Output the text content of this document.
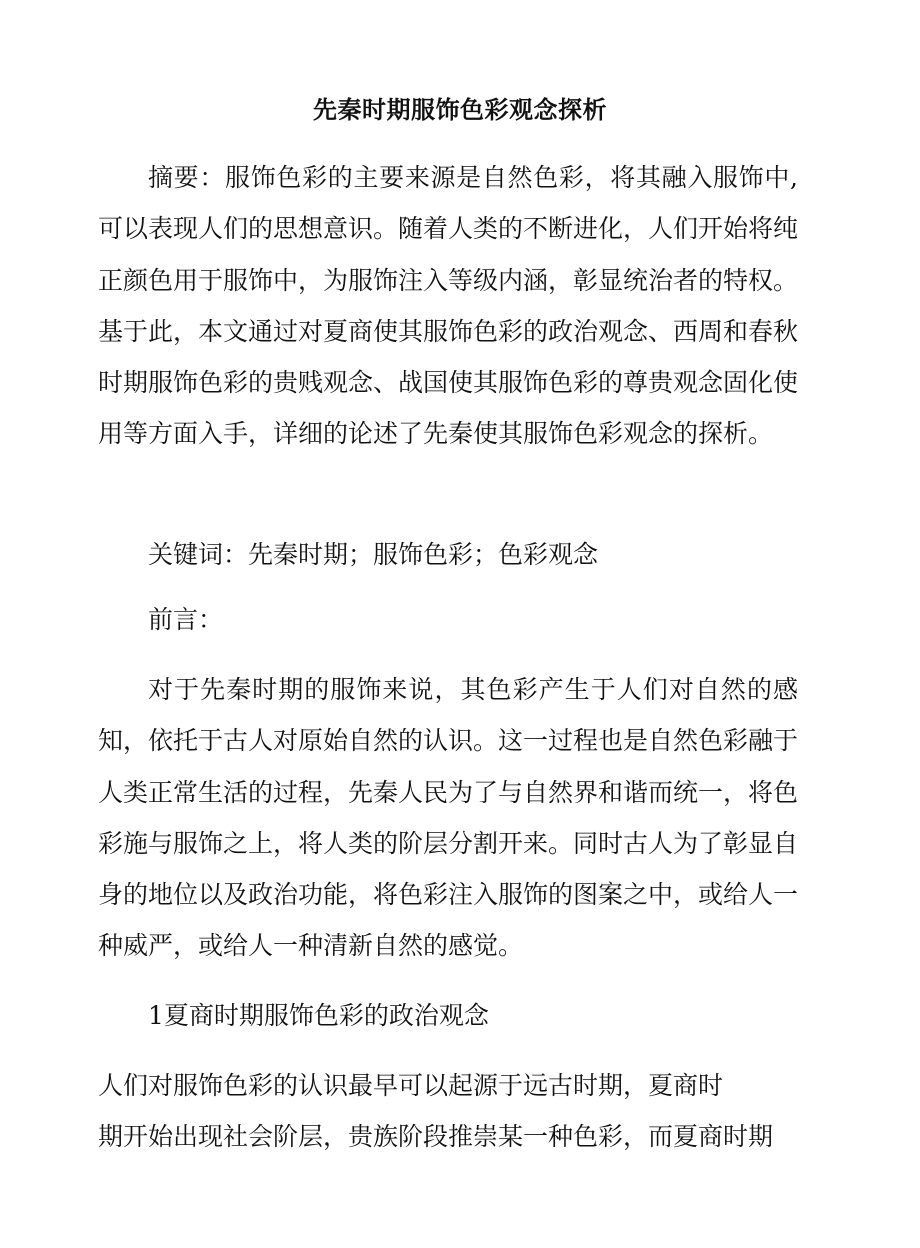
先秦时期服饰色彩观念探析

摘要：服饰色彩的主要来源是自然色彩，将其融入服饰中,可以表现人们的思想意识。随着人类的不断进化，人们开始将纯正颜色用于服饰中，为服饰注入等级内涵，彰显统治者的特权。基于此，本文通过对夏商使其服饰色彩的政治观念、西周和春秋时期服饰色彩的贵贱观念、战国使其服饰色彩的尊贵观念固化使用等方面入手，详细的论述了先秦使其服饰色彩观念的探析。

关键词：先秦时期；服饰色彩；色彩观念

前言：

对于先秦时期的服饰来说，其色彩产生于人们对自然的感知，依托于古人对原始自然的认识。这一过程也是自然色彩融于人类正常生活的过程，先秦人民为了与自然界和谐而统一，将色彩施与服饰之上，将人类的阶层分割开来。同时古人为了彰显自身的地位以及政治功能，将色彩注入服饰的图案之中，或给人一种威严，或给人一种清新自然的感觉。

1夏商时期服饰色彩的政治观念

人们对服饰色彩的认识最早可以起源于远古时期，夏商时

期开始出现社会阶层，贵族阶段推崇某一种色彩，而夏商时期
